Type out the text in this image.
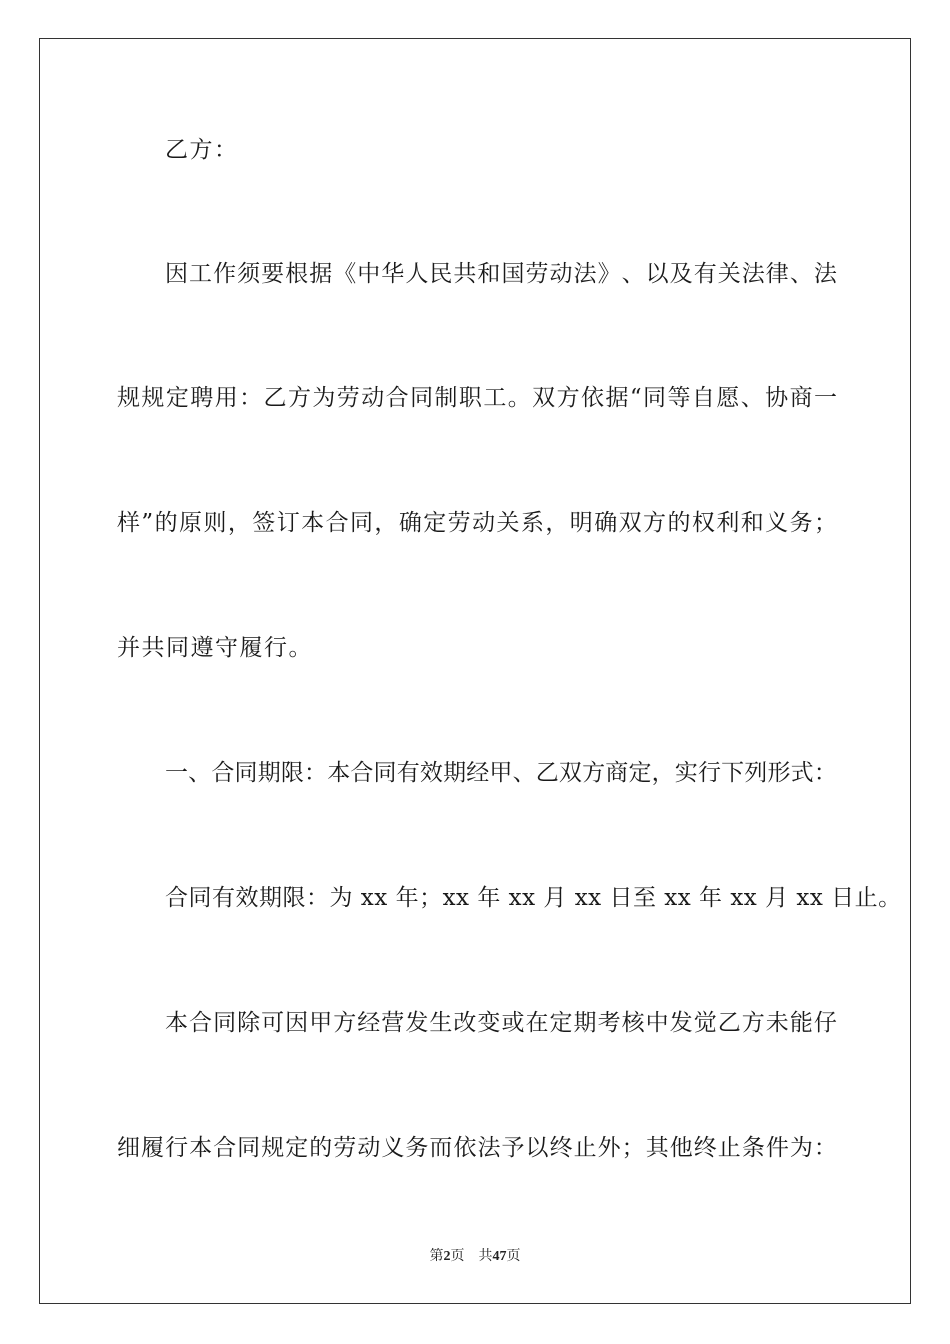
乙方：
因 工 作 须 要 根 据 《 中 华 人 民 共 和 国 劳 动 法 》 、 以 及 有 关 法 律 、 法
规 规 定 聘 用 ： 乙 方 为 劳 动 合 同 制 职 工 。 双 方 依 据 “ 同 等 自 愿 、 协 商 一
样 ” 的 原 则 ， 签 订 本 合 同 ， 确 定 劳 动 关 系 ， 明 确 双 方 的 权 利 和 义 务 ；
并共同遵守履行。
一 、 合 同 期 限 ： 本 合 同 有 效 期 经 甲 、 乙 双 方 商 定 ， 实 行 下 列 形 式 ：
合同有效期限：为 xx 年；xx 年 xx 月 xx 日至 xx 年 xx 月 xx 日止。
本 合 同 除 可 因 甲 方 经 营 发 生 改 变 或 在 定 期 考 核 中 发 觉 乙 方 未 能 仔
细 履 行 本 合 同 规 定 的 劳 动 义 务 而 依 法 予 以 终 止 外 ； 其 他 终 止 条 件 为 ：
第2页 共47页
